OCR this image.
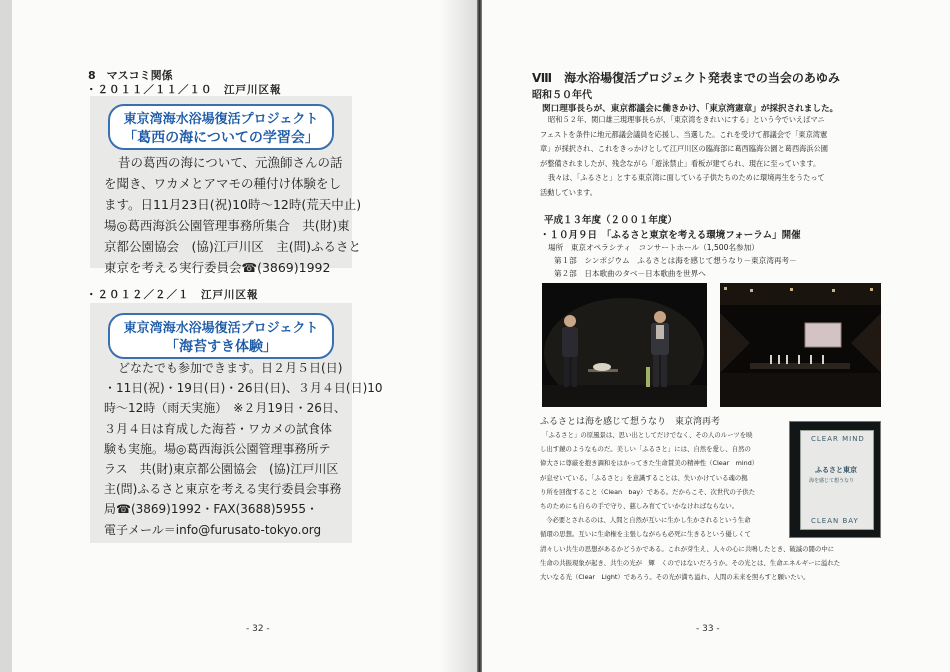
8　マスコミ関係
・２０１１／１１／１０　江戸川区報
東京湾海水浴場復活プロジェクト
「葛西の海についての学習会」
昔の葛西の海について、元漁師さんの話
を聞き、ワカメとアマモの種付け体験をし
ます。日11月23日(祝)10時〜12時(荒天中止)
場◎葛西海浜公園管理事務所集合　共(財)東
京都公園協会　(協)江戸川区　主(問)ふるさと
東京を考える実行委員会☎(3869)1992
・２０１２／２／１　江戸川区報
東京湾海水浴場復活プロジェクト
「海苔すき体験」
どなたでも参加できます。日２月５日(日)
・11日(祝)・19日(日)・26日(日)、３月４日(日)10
時〜12時（雨天実施）　※２月19日・26日、
３月４日は育成した海苔・ワカメの試食体
験も実施。場◎葛西海浜公園管理事務所テ
ラス　共(財)東京都公園協会　(協)江戸川区
主(問)ふるさと東京を考える実行委員会事務
局☎(3869)1992・FAX(3688)5955・
電子メール＝info@furusato-tokyo.org
- 32 -
Ⅷ　海水浴場復活プロジェクト発表までの当会のあゆみ
昭和５０年代
関口理事長らが、東京都議会に働きかけ、「東京湾憲章」が採択されました。
昭和５２年、関口雄三現理事長らが、「東京湾をきれいにする」という今でいえばマニ
フェストを条件に地元都議会議員を応援し、当選した。これを受けて都議会で「東京湾憲
章」が採択され、これをきっかけとして江戸川区の臨海部に葛西臨海公園と葛西海浜公園
が整備されましたが、残念ながら「遊泳禁止」看板が建てられ、現在に至っています。
我々は、「ふるさと」とする東京湾に面している子供たちのために環境再生をうたって
活動しています。
平成１３年度（２００１年度）
・１０月９日　「ふるさと東京を考える環境フォーラム」開催
場所　東京オペラシティ　コンサートホール（1,500名参加）
第１部　シンポジウム　ふるさとは海を感じて想うなり－東京湾再考－
第２部　日本歌曲のタベ－日本歌曲を世界へ
ふるさとは海を感じて想うなり　東京湾再考
「ふるさと」の原風景は、思い出としてだけでなく、その人のルーツを映
し出す鏡のようなものだ。美しい「ふるさと」には、自然を愛し、自然の
偉大さに尊厳を抱き調和をはかってきた生命賛美の精神性（Clear　mind）
が息せいている。「ふるさと」を意識することは、失いかけている魂の拠
り所を回復すること（Clean　bay）である。だからこそ、次世代の子供た
ちのためにも自らの手で守り、慈しみ育てていかなければならない。
今必要とされるのは、人間と自然が互いに生かし生かされるという生命
循環の思想。互いに生命権を主張しながらも必死に生きるという優しくて
清々しい共生の思想があるかどうかである。これが芽生え、人々の心に共鳴したとき、破滅の闇の中に
生命の共振現象が起き、共生の光が　輝　くのではないだろうか。その光とは、生命エネルギーに溢れた
大いなる光（Clear　Light）であろう。その光が満ち溢れ、人間の未来を照らすと願いたい。
CLEAR MIND
ふるさと東京
海を感じて想うなり
CLEAN BAY
- 33 -
